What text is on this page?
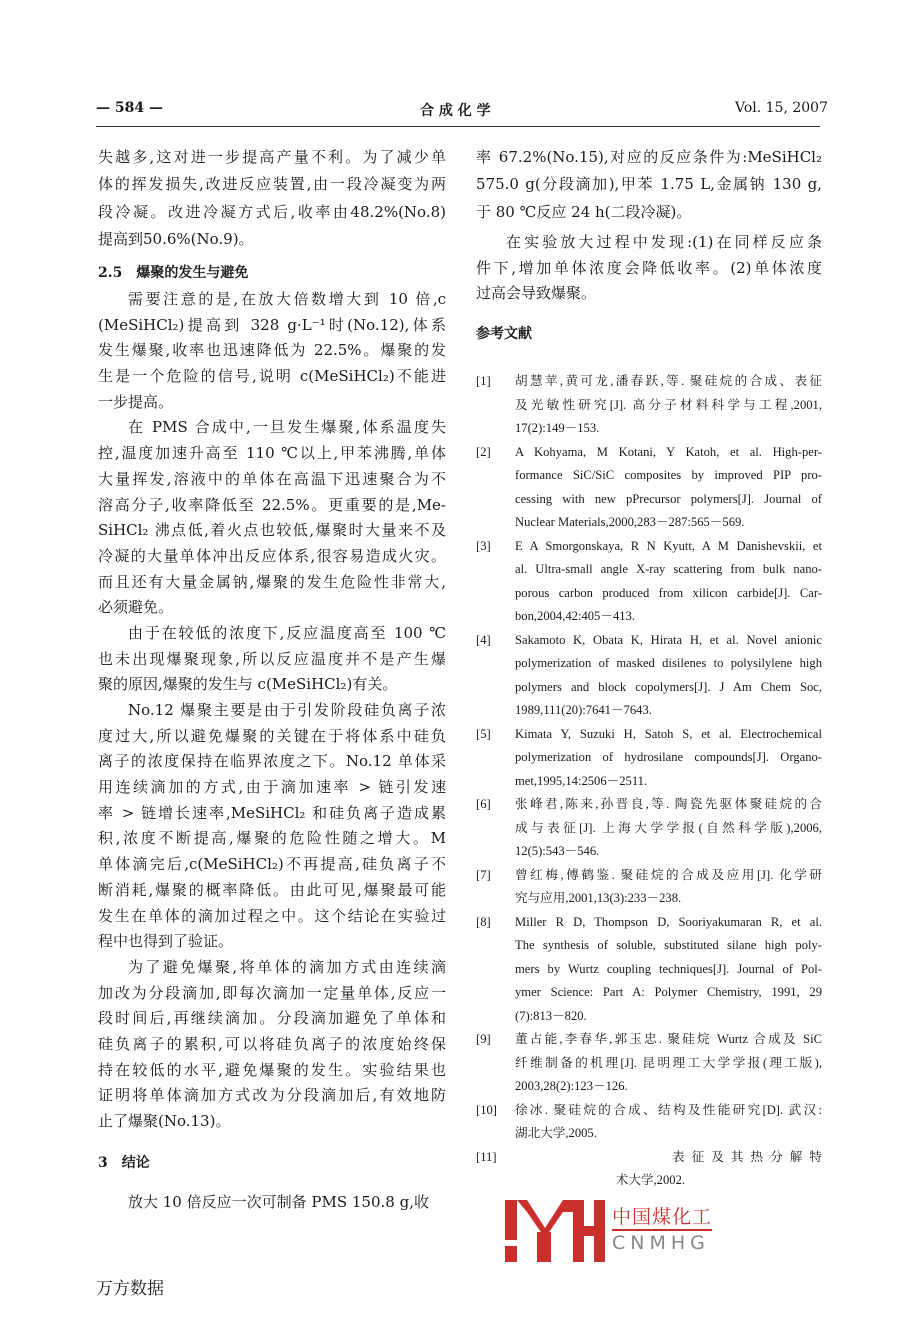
— 584 —	合 成 化 学	Vol. 15, 2007
失越多,这对进一步提高产量不利。为了减少单
体的挥发损失,改进反应装置,由一段冷凝变为两
段冷凝。改进冷凝方式后,收率由48.2%(No.8)
提高到50.6%(No.9)。
2.5　爆聚的发生与避免
需要注意的是,在放大倍数增大到 10 倍,c
(MeSiHCl₂)提高到 328 g·L⁻¹时(No.12),体系
发生爆聚,收率也迅速降低为 22.5%。爆聚的发
生是一个危险的信号,说明 c(MeSiHCl₂)不能进
一步提高。
在 PMS 合成中,一旦发生爆聚,体系温度失
控,温度加速升高至 110 ℃以上,甲苯沸腾,单体
大量挥发,溶液中的单体在高温下迅速聚合为不
溶高分子,收率降低至 22.5%。更重要的是,Me-
SiHCl₂ 沸点低,着火点也较低,爆聚时大量来不及
冷凝的大量单体冲出反应体系,很容易造成火灾。
而且还有大量金属钠,爆聚的发生危险性非常大,
必须避免。
由于在较低的浓度下,反应温度高至 100 ℃
也未出现爆聚现象,所以反应温度并不是产生爆
聚的原因,爆聚的发生与 c(MeSiHCl₂)有关。
No.12 爆聚主要是由于引发阶段硅负离子浓
度过大,所以避免爆聚的关键在于将体系中硅负
离子的浓度保持在临界浓度之下。No.12 单体采
用连续滴加的方式,由于滴加速率 > 链引发速
率 > 链增长速率,MeSiHCl₂ 和硅负离子造成累
积,浓度不断提高,爆聚的危险性随之增大。M
单体滴完后,c(MeSiHCl₂)不再提高,硅负离子不
断消耗,爆聚的概率降低。由此可见,爆聚最可能
发生在单体的滴加过程之中。这个结论在实验过
程中也得到了验证。
为了避免爆聚,将单体的滴加方式由连续滴
加改为分段滴加,即每次滴加一定量单体,反应一
段时间后,再继续滴加。分段滴加避免了单体和
硅负离子的累积,可以将硅负离子的浓度始终保
持在较低的水平,避免爆聚的发生。实验结果也
证明将单体滴加方式改为分段滴加后,有效地防
止了爆聚(No.13)。
3　结论
放大 10 倍反应一次可制备 PMS 150.8 g,收
率 67.2%(No.15),对应的反应条件为:MeSiHCl₂
575.0 g(分段滴加),甲苯 1.75 L,金属钠 130 g,
于 80 ℃反应 24 h(二段冷凝)。
在实验放大过程中发现:(1)在同样反应条
件下,增加单体浓度会降低收率。(2)单体浓度
过高会导致爆聚。
参考文献
[1] 胡慧苹,黄可龙,潘春跃,等. 聚硅烷的合成、表征
及光敏性研究[J]. 高分子材料科学与工程,2001,
17(2):149－153.
[2] A Kohyama, M Kotani, Y Katoh, et al. High-per-
formance SiC/SiC composites by improved PIP pro-
cessing with new pPrecursor polymers[J]. Journal of
Nuclear Materials,2000,283－287:565－569.
[3] E A Smorgonskaya, R N Kyutt, A M Danishevskii, et
al. Ultra-small angle X-ray scattering from bulk nano-
porous carbon produced from xilicon carbide[J]. Car-
bon,2004,42:405－413.
[4] Sakamoto K, Obata K, Hirata H, et al. Novel anionic
polymerization of masked disilenes to polysilylene high
polymers and block copolymers[J]. J Am Chem Soc,
1989,111(20):7641－7643.
[5] Kimata Y, Suzuki H, Satoh S, et al. Electrochemical
polymerization of hydrosilane compounds[J]. Organo-
met,1995,14:2506－2511.
[6] 张峰君,陈来,孙晋良,等. 陶瓷先驱体聚硅烷的合
成与表征[J]. 上海大学学报(自然科学版),2006,
12(5):543－546.
[7] 曾红梅,傅鹤鉴. 聚硅烷的合成及应用[J]. 化学研
究与应用,2001,13(3):233－238.
[8] Miller R D, Thompson D, Sooriyakumaran R, et al.
The synthesis of soluble, substituted silane high poly-
mers by Wurtz coupling techniques[J]. Journal of Pol-
ymer Science: Part A: Polymer Chemistry, 1991, 29
(7):813－820.
[9] 董占能,李春华,郭玉忠. 聚硅烷 Wurtz 合成及 SiC
纤维制备的机理[J]. 昆明理工大学学报(理工版),
2003,28(2):123－126.
[10] 徐冰. 聚硅烷的合成、结构及性能研究[D]. 武汉:
湖北大学,2005.
[11] 　　　　　　　　表征及其热分解特
　　　　　　　　术大学,2002.
中国煤化工
CNMHG
万方数据
